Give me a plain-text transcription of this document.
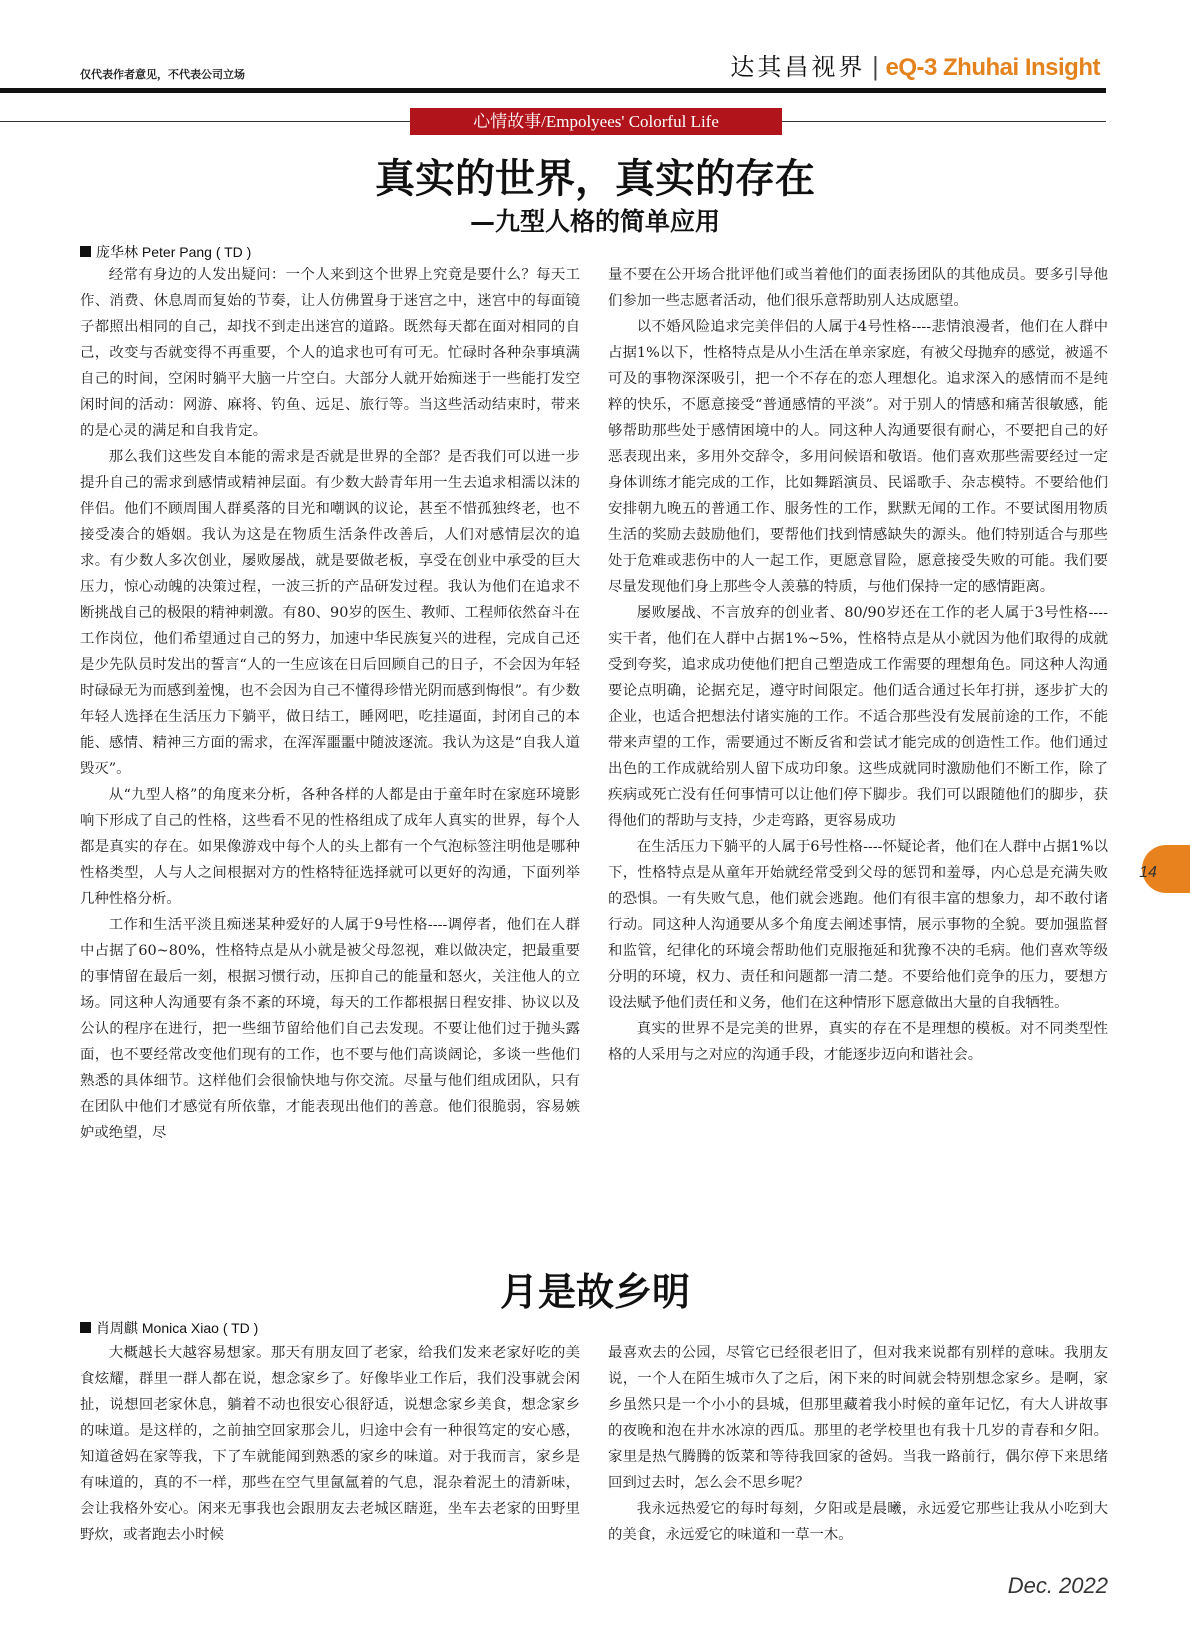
仅代表作者意见，不代表公司立场	达其昌视界 | eQ-3 Zhuhai Insight
心情故事/Empolyees' Colorful Life
真实的世界，真实的存在
—九型人格的简单应用
庞华林 Peter Pang ( TD )

经常有身边的人发出疑问：一个人来到这个世界上究竟是要什么？每天工作、消费、休息周而复始的节奏，让人仿佛置身于迷宫之中，迷宫中的每面镜子都照出相同的自己，却找不到走出迷宫的道路。既然每天都在面对相同的自己，改变与否就变得不再重要，个人的追求也可有可无。忙碌时各种杂事填满自己的时间，空闲时躺平大脑一片空白。大部分人就开始痴迷于一些能打发空闲时间的活动：网游、麻将、钓鱼、远足、旅行等。当这些活动结束时，带来的是心灵的满足和自我肯定。

那么我们这些发自本能的需求是否就是世界的全部？是否我们可以进一步提升自己的需求到感情或精神层面。有少数大龄青年用一生去追求相濡以沫的伴侣。他们不顾周围人群奚落的目光和嘲讽的议论，甚至不惜孤独终老，也不接受凑合的婚姻。我认为这是在物质生活条件改善后，人们对感情层次的追求。有少数人多次创业，屡败屡战，就是要做老板，享受在创业中承受的巨大压力，惊心动魄的决策过程，一波三折的产品研发过程。我认为他们在追求不断挑战自己的极限的精神刺激。有80、90岁的医生、教师、工程师依然奋斗在工作岗位，他们希望通过自己的努力，加速中华民族复兴的进程，完成自己还是少先队员时发出的誓言“人的一生应该在日后回顾自己的日子，不会因为年轻时碌碌无为而感到羞愧，也不会因为自己不懂得珍惜光阴而感到悔恨”。有少数年轻人选择在生活压力下躺平，做日结工，睡网吧，吃挂逼面，封闭自己的本能、感情、精神三方面的需求，在浑浑噩噩中随波逐流。我认为这是“自我人道毁灭”。

从“九型人格”的角度来分析，各种各样的人都是由于童年时在家庭环境影响下形成了自己的性格，这些看不见的性格组成了成年人真实的世界，每个人都是真实的存在。如果像游戏中每个人的头上都有一个气泡标签注明他是哪种性格类型，人与人之间根据对方的性格特征选择就可以更好的沟通，下面列举几种性格分析。

工作和生活平淡且痴迷某种爱好的人属于9号性格----调停者，他们在人群中占据了60~80%，性格特点是从小就是被父母忽视，难以做决定，把最重要的事情留在最后一刻，根据习惯行动，压抑自己的能量和怒火，关注他人的立场。同这种人沟通要有条不紊的环境，每天的工作都根据日程安排、协议以及公认的程序在进行，把一些细节留给他们自己去发现。不要让他们过于抛头露面，也不要经常改变他们现有的工作，也不要与他们高谈阔论，多谈一些他们熟悉的具体细节。这样他们会很愉快地与你交流。尽量与他们组成团队，只有在团队中他们才感觉有所依靠，才能表现出他们的善意。他们很脆弱，容易嫉妒或绝望，尽

量不要在公开场合批评他们或当着他们的面表扬团队的其他成员。要多引导他们参加一些志愿者活动，他们很乐意帮助别人达成愿望。

以不婚风险追求完美伴侣的人属于4号性格----悲情浪漫者，他们在人群中占据1%以下，性格特点是从小生活在单亲家庭，有被父母抛弃的感觉，被遥不可及的事物深深吸引，把一个不存在的恋人理想化。追求深入的感情而不是纯粹的快乐，不愿意接受“普通感情的平淡”。对于别人的情感和痛苦很敏感，能够帮助那些处于感情困境中的人。同这种人沟通要很有耐心，不要把自己的好恶表现出来，多用外交辞令，多用问候语和敬语。他们喜欢那些需要经过一定身体训练才能完成的工作，比如舞蹈演员、民谣歌手、杂志模特。不要给他们安排朝九晚五的普通工作、服务性的工作，默默无闻的工作。不要试图用物质生活的奖励去鼓励他们，要帮他们找到情感缺失的源头。他们特别适合与那些处于危难或悲伤中的人一起工作，更愿意冒险，愿意接受失败的可能。我们要尽量发现他们身上那些令人羡慕的特质，与他们保持一定的感情距离。

屡败屡战、不言放弃的创业者、80/90岁还在工作的老人属于3号性格----实干者，他们在人群中占据1%~5%，性格特点是从小就因为他们取得的成就受到夸奖，追求成功使他们把自己塑造成工作需要的理想角色。同这种人沟通要论点明确，论据充足，遵守时间限定。他们适合通过长年打拼，逐步扩大的企业，也适合把想法付诸实施的工作。不适合那些没有发展前途的工作，不能带来声望的工作，需要通过不断反省和尝试才能完成的创造性工作。他们通过出色的工作成就给别人留下成功印象。这些成就同时激励他们不断工作，除了疾病或死亡没有任何事情可以让他们停下脚步。我们可以跟随他们的脚步，获得他们的帮助与支持，少走弯路，更容易成功

在生活压力下躺平的人属于6号性格----怀疑论者，他们在人群中占据1%以下，性格特点是从童年开始就经常受到父母的惩罚和羞辱，内心总是充满失败的恐惧。一有失败气息，他们就会逃跑。他们有很丰富的想象力，却不敢付诸行动。同这种人沟通要从多个角度去阐述事情，展示事物的全貌。要加强监督和监管，纪律化的环境会帮助他们克服拖延和犹豫不决的毛病。他们喜欢等级分明的环境，权力、责任和问题都一清二楚。不要给他们竞争的压力，要想方设法赋予他们责任和义务，他们在这种情形下愿意做出大量的自我牺牲。

真实的世界不是完美的世界，真实的存在不是理想的模板。对不同类型性格的人采用与之对应的沟通手段，才能逐步迈向和谐社会。

月是故乡明
肖周麒 Monica Xiao ( TD )

大概越长大越容易想家。那天有朋友回了老家，给我们发来老家好吃的美食炫耀，群里一群人都在说，想念家乡了。好像毕业工作后，我们没事就会闲扯，说想回老家休息，躺着不动也很安心很舒适，说想念家乡美食，想念家乡的味道。是这样的，之前抽空回家那会儿，归途中会有一种很笃定的安心感，知道爸妈在家等我，下了车就能闻到熟悉的家乡的味道。对于我而言，家乡是有味道的，真的不一样，那些在空气里氤氲着的气息，混杂着泥土的清新味，会让我格外安心。闲来无事我也会跟朋友去老城区瞎逛，坐车去老家的田野里野炊，或者跑去小时候

最喜欢去的公园，尽管它已经很老旧了，但对我来说都有别样的意味。我朋友说，一个人在陌生城市久了之后，闲下来的时间就会特别想念家乡。是啊，家乡虽然只是一个小小的县城，但那里藏着我小时候的童年记忆，有大人讲故事的夜晚和泡在井水冰凉的西瓜。那里的老学校里也有我十几岁的青春和夕阳。家里是热气腾腾的饭菜和等待我回家的爸妈。当我一路前行，偶尔停下来思绪回到过去时，怎么会不思乡呢？

我永远热爱它的每时每刻，夕阳或是晨曦，永远爱它那些让我从小吃到大的美食，永远爱它的味道和一草一木。

14
Dec. 2022
